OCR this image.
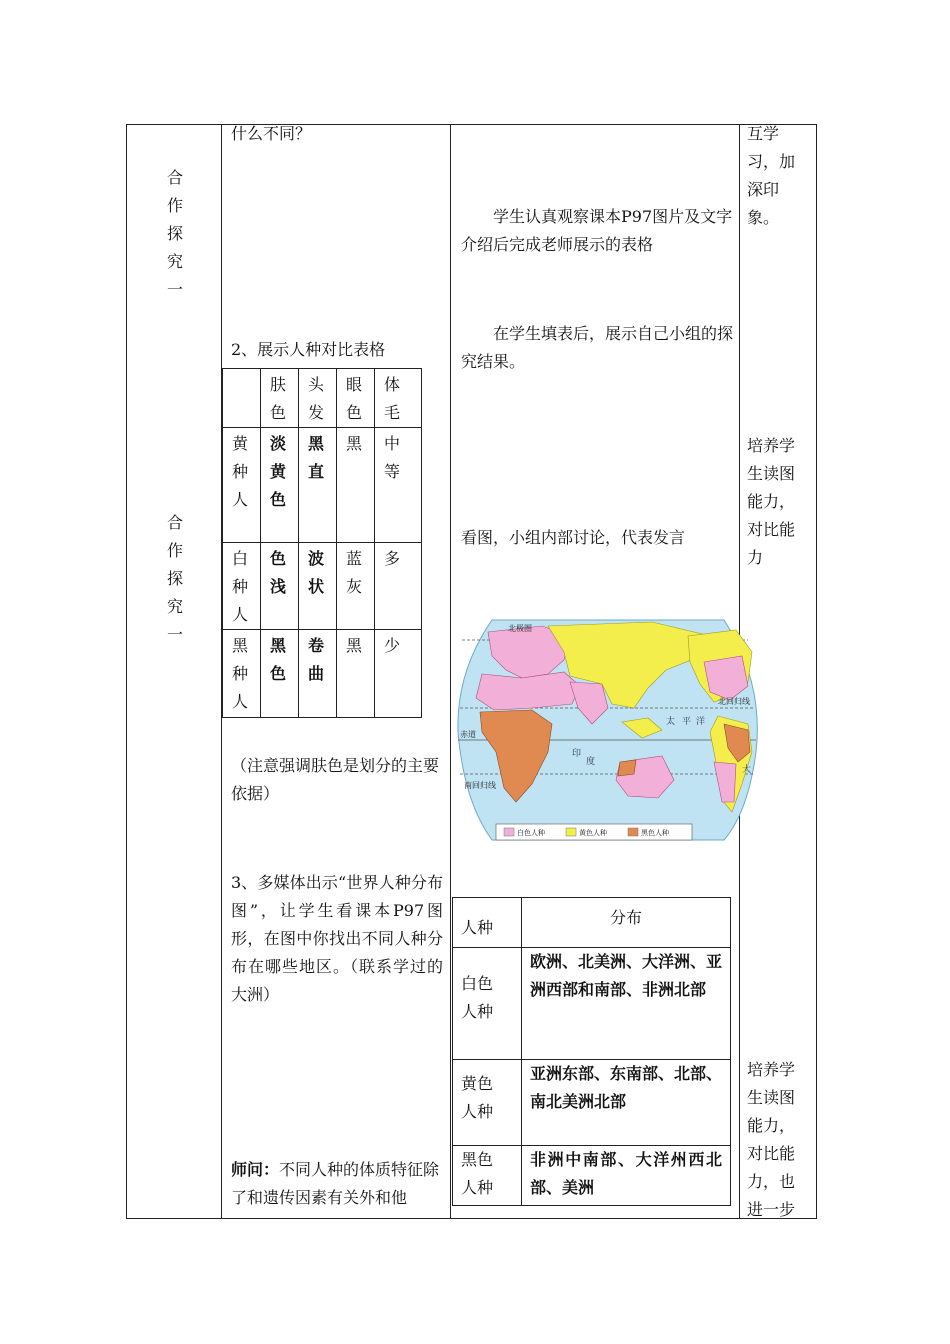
合
作
探
究
一
合
作
探
究
一
什么不同？
2、展示人种对比表格

	肤色	头发	眼色	体毛

黄种人	淡黄色	黑直	黑	中等

白种人	色浅	波状	蓝灰	多

黑种人	黑色	卷曲	黑	少
（注意强调肤色是划分的主要依据）
3、多媒体出示“世界人种分布图”，让学生看课本P97图形，在图中你找出不同人种分布在哪些地区。（联系学过的大洲）
师问：不同人种的体质特征除了和遗传因素有关外和他
学生认真观察课本P97图片及文字介绍后完成老师展示的表格
在学生填表后，展示自己小组的探究结果。
看图，小组内部讨论，代表发言
北极圈
北回归线
赤道
南回归线
太 平 洋
印
度
大
白色人种	黄色人种	黑色人种
人种	分布

白色人种	欧洲、北美洲、大洋洲、亚洲西部和南部、非洲北部

黄色人种	亚洲东部、东南部、北部、南北美洲北部

黑色人种	非洲中南部、大洋州西北部、美洲
互学习，加深印象。
培养学生读图能力，对比能力
培养学生读图能力，对比能力，也进一步
